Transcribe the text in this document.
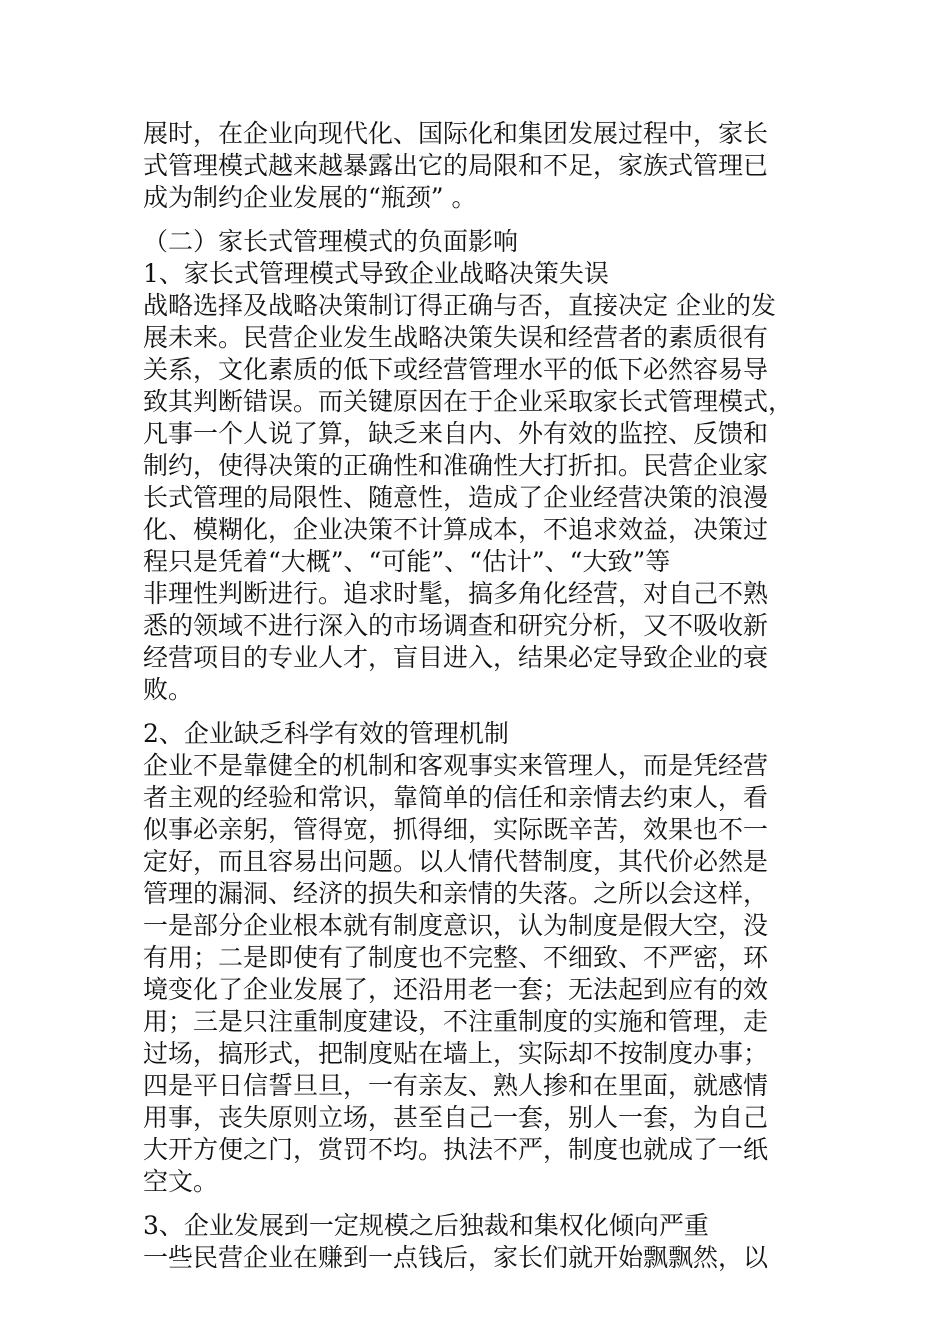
展时，在企业向现代化、国际化和集团发展过程中，家长
式管理模式越来越暴露出它的局限和不足，家族式管理已
成为制约企业发展的“瓶颈” 。
（二）家长式管理模式的负面影响
1、家长式管理模式导致企业战略决策失误
战略选择及战略决策制订得正确与否，直接决定 企业的发
展未来。民营企业发生战略决策失误和经营者的素质很有
关系，文化素质的低下或经营管理水平的低下必然容易导
致其判断错误。而关键原因在于企业采取家长式管理模式，
凡事一个人说了算，缺乏来自内、外有效的监控、反馈和
制约，使得决策的正确性和准确性大打折扣。民营企业家
长式管理的局限性、随意性，造成了企业经营决策的浪漫
化、模糊化，企业决策不计算成本，不追求效益，决策过
程只是凭着“大概”、“可能”、“估计”、“大致”等
非理性判断进行。追求时髦，搞多角化经营，对自己不熟
悉的领域不进行深入的市场调查和研究分析，又不吸收新
经营项目的专业人才，盲目进入，结果必定导致企业的衰
败。
2、企业缺乏科学有效的管理机制
企业不是靠健全的机制和客观事实来管理人，而是凭经营
者主观的经验和常识，靠简单的信任和亲情去约束人，看
似事必亲躬，管得宽，抓得细，实际既辛苦，效果也不一
定好，而且容易出问题。以人情代替制度，其代价必然是
管理的漏洞、经济的损失和亲情的失落。之所以会这样，
一是部分企业根本就有制度意识，认为制度是假大空，没
有用；二是即使有了制度也不完整、不细致、不严密，环
境变化了企业发展了，还沿用老一套；无法起到应有的效
用；三是只注重制度建设，不注重制度的实施和管理，走
过场，搞形式，把制度贴在墙上，实际却不按制度办事；
四是平日信誓旦旦，一有亲友、熟人掺和在里面，就感情
用事，丧失原则立场，甚至自己一套，别人一套，为自己
大开方便之门，赏罚不均。执法不严，制度也就成了一纸
空文。
3、企业发展到一定规模之后独裁和集权化倾向严重
一些民营企业在赚到一点钱后，家长们就开始飘飘然，以
